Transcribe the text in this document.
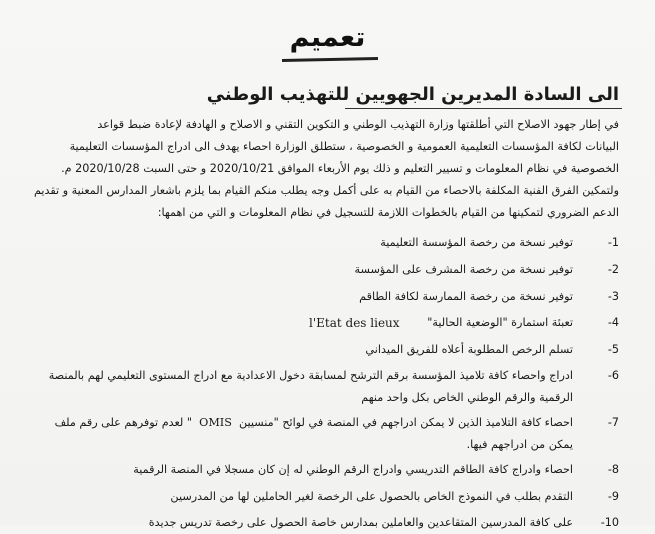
تعميم
الى السادة المديرين الجهويين للتهذيب الوطني
في إطار جهود الاصلاح التي أطلقتها وزارة التهذيب الوطني و التكوين التقني و الاصلاح و الهادفة لإعادة ضبط قواعد
البيانات لكافة المؤسسات التعليمية العمومية و الخصوصية ، ستطلق الوزارة احصاء يهدف الى ادراج المؤسسات التعليمية
الخصوصية في نظام المعلومات و تسيير التعليم و ذلك يوم الأربعاء الموافق 2020/10/21 و حتى السبت 2020/10/28 م.
ولتمكين الفرق الفنية المكلفة بالاحصاء من القيام به على أكمل وجه يطلب منكم القيام بما يلزم باشعار المدارس المعنية و تقديم
الدعم الضروري لتمكينها من القيام بالخطوات اللازمة للتسجيل في نظام المعلومات و التي من اهمها:
-1
توفير نسخة من رخصة المؤسسة التعليمية
-2
توفير نسخة من رخصة المشرف على المؤسسة
-3
توفير نسخة من رخصة الممارسة لكافة الطاقم
-4
تعبئة استمارة "الوضعية الحالية"
l'Etat des lieux
-5
تسلم الرخص المطلوبة أعلاه للفريق الميداني
-6
ادراج واحصاء كافة تلاميذ المؤسسة برقم الترشح لمسابقة دخول الاعدادية مع ادراج المستوى التعليمي لهم بالمنصة
الرقمية والرقم الوطني الخاص بكل واحد منهم
-7
احصاء كافة التلاميذ الذين لا يمكن ادراجهم في المنصة في لوائح "منسيين  OMIS  " لعدم توفرهم على رقم ملف
يمكن من ادراجهم فيها.
-8
احصاء وادراج كافة الطاقم التدريسي وادراج الرقم الوطني له إن كان مسجلا في المنصة الرقمية
-9
التقدم بطلب في النموذج الخاص بالحصول على الرخصة لغير الحاملين لها من المدرسين
-10
على كافة المدرسين المتقاعدين والعاملين بمدارس خاصة الحصول على رخصة تدريس جديدة
